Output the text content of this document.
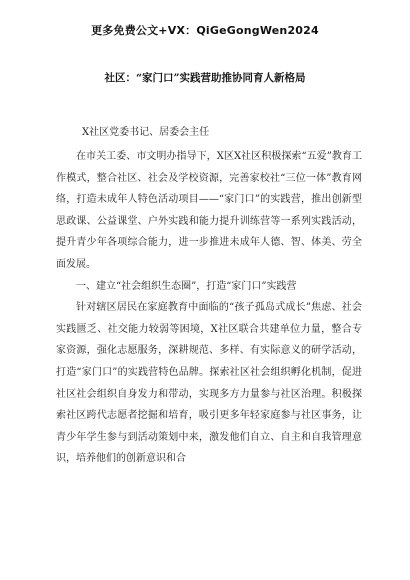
更多免费公文+VX：QiGeGongWen2024
社区：“家门口”实践营助推协同育人新格局
X社区党委书记、居委会主任

在市关工委、市文明办指导下，X区X社区积极探索“五爱”教育工作模式，整合社区、社会及学校资源，完善家校社“三位一体”教育网络，打造未成年人特色活动项目——“家门口”的实践营，推出创新型思政课、公益课堂、户外实践和能力提升训练营等一系列实践活动，提升青少年各项综合能力，进一步推进未成年人德、智、体美、劳全面发展。

一、建立“社会组织生态圈”，打造“家门口”实践营

针对辖区居民在家庭教育中面临的“孩子孤岛式成长”焦虑、社会实践匮乏、社交能力较弱等困境，X社区联合共建单位力量，整合专家资源，强化志愿服务，深耕规范、多样、有实际意义的研学活动，打造“家门口”的实践营特色品牌。探索社区社会组织孵化机制，促进社区社会组织自身发力和带动，实现多方力量参与社区治理。积极探索社区跨代志愿者挖掘和培育，吸引更多年轻家庭参与社区事务，让青少年学生参与到活动策划中来，激发他们自立、自主和自我管理意识，培养他们的创新意识和合
